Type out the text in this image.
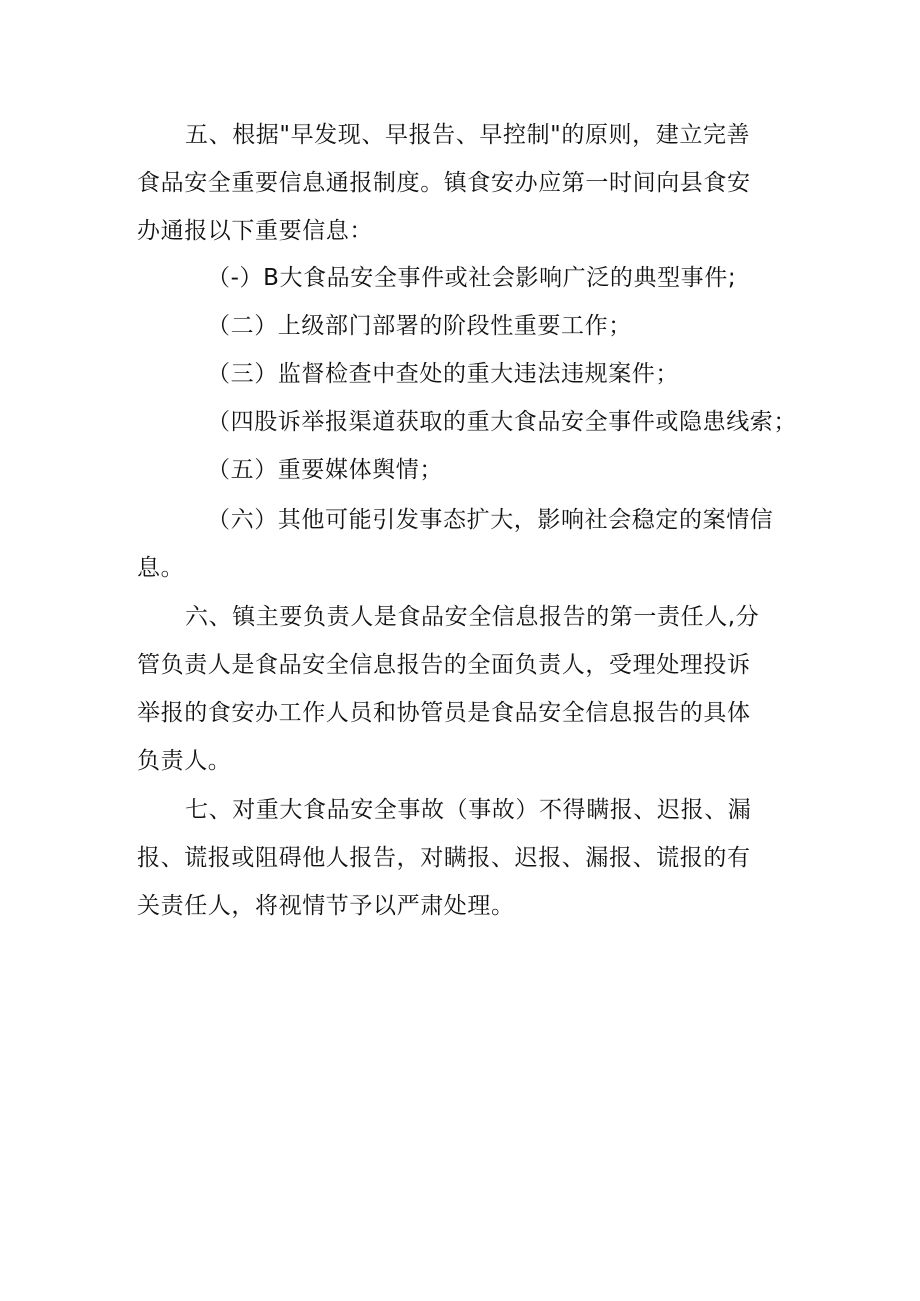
五、根据"早发现、早报告、早控制"的原则，建立完善
食品安全重要信息通报制度。镇食安办应第一时间向县食安
办通报以下重要信息：
（-）B大食品安全事件或社会影响广泛的典型事件;
（二）上级部门部署的阶段性重要工作；
（三）监督检查中查处的重大违法违规案件；
（四股诉举报渠道获取的重大食品安全事件或隐患线索；
（五）重要媒体舆情；
（六）其他可能引发事态扩大，影响社会稳定的案情信
息。
六、镇主要负责人是食品安全信息报告的第一责任人,分
管负责人是食品安全信息报告的全面负责人，受理处理投诉
举报的食安办工作人员和协管员是食品安全信息报告的具体
负责人。
七、对重大食品安全事故（事故）不得瞒报、迟报、漏
报、谎报或阻碍他人报告，对瞒报、迟报、漏报、谎报的有
关责任人，将视情节予以严肃处理。
